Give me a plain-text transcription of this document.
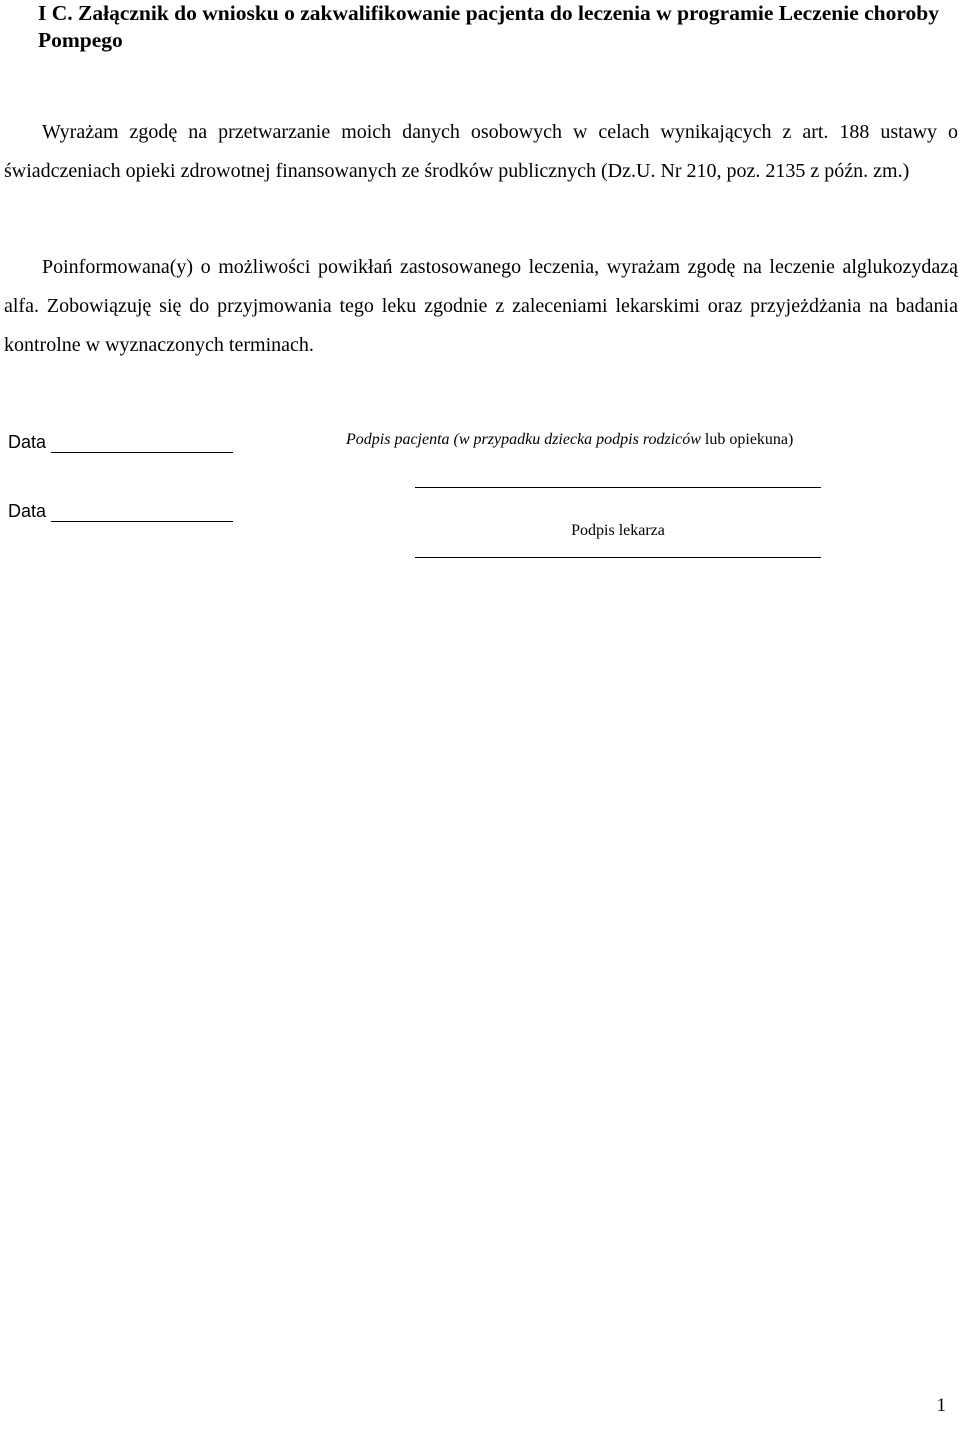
I C. Załącznik do wniosku o zakwalifikowanie pacjenta do leczenia w programie Leczenie choroby Pompego

Wyrażam zgodę na przetwarzanie moich danych osobowych w celach wynikających z art. 188 ustawy o świadczeniach opieki zdrowotnej finansowanych ze środków publicznych (Dz.U. Nr 210, poz. 2135 z późn. zm.)

Poinformowana(y) o możliwości powikłań zastosowanego leczenia, wyrażam zgodę na leczenie alglukozydazą alfa. Zobowiązuję się do przyjmowania tego leku zgodnie z zaleceniami lekarskimi oraz przyjeżdżania na badania kontrolne w wyznaczonych terminach.

Data	Podpis pacjenta (w przypadku dziecka podpis rodziców lub opiekuna)
Data
Podpis lekarza
1
